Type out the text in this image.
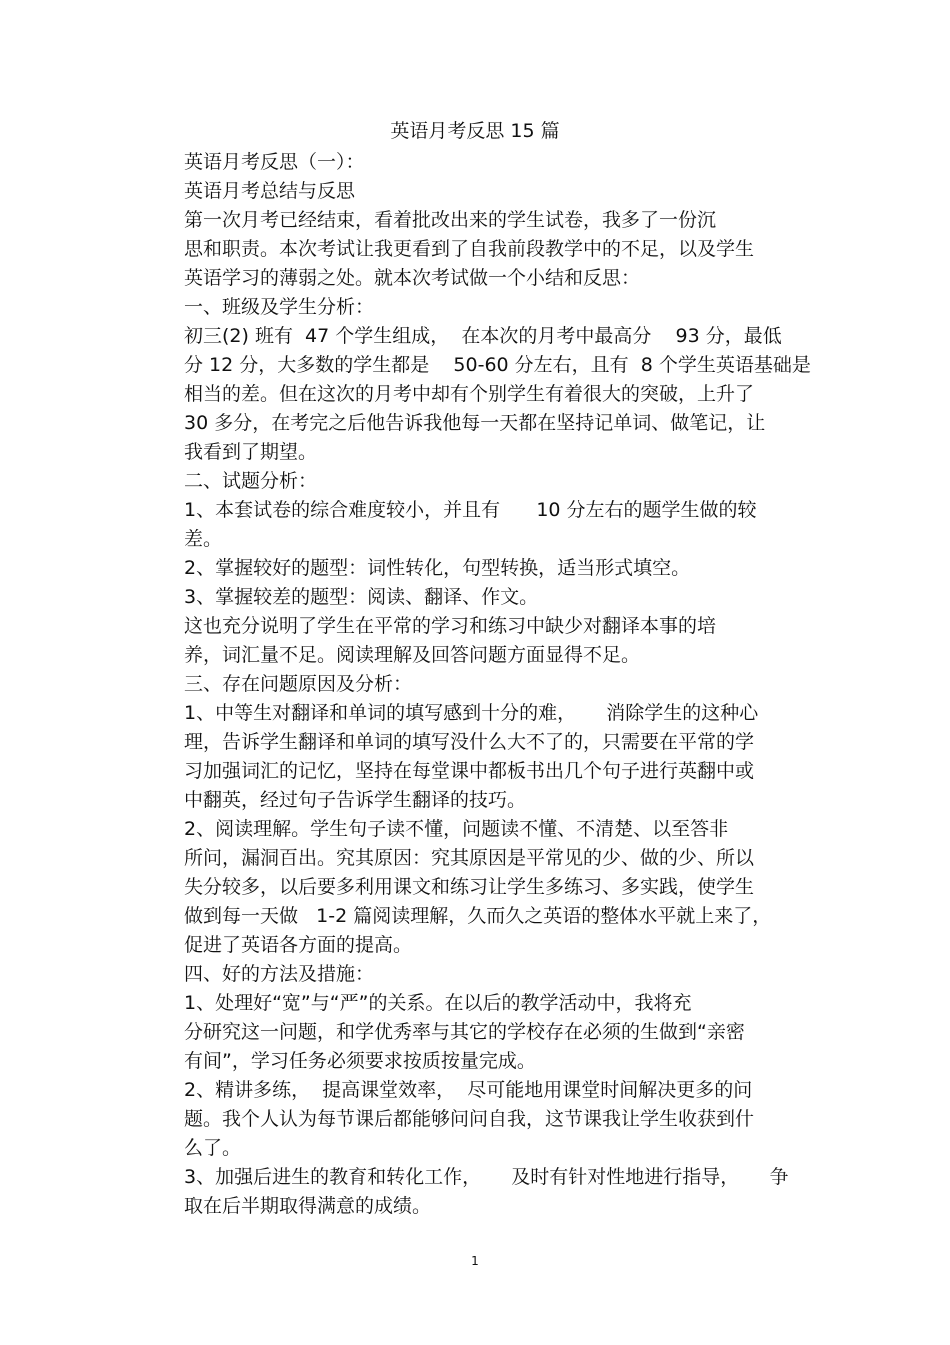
英语月考反思 15 篇
英语月考反思（一）：
英语月考总结与反思
第一次月考已经结束，看着批改出来的学生试卷，我多了一份沉
思和职责。本次考试让我更看到了自我前段教学中的不足，以及学生
英语学习的薄弱之处。就本次考试做一个小结和反思：
一、班级及学生分析：
初三(2) 班有  47 个学生组成，  在本次的月考中最高分    93 分，最低
分 12 分，大多数的学生都是    50-60 分左右，且有  8 个学生英语基础是
相当的差。但在这次的月考中却有个别学生有着很大的突破，上升了
30 多分，在考完之后他告诉我他每一天都在坚持记单词、做笔记，让
我看到了期望。
二、试题分析：
1、本套试卷的综合难度较小，并且有      10 分左右的题学生做的较
差。
2、掌握较好的题型：词性转化，句型转换，适当形式填空。
3、掌握较差的题型：阅读、翻译、作文。
这也充分说明了学生在平常的学习和练习中缺少对翻译本事的培
养，词汇量不足。阅读理解及回答问题方面显得不足。
三、存在问题原因及分析：
1、中等生对翻译和单词的填写感到十分的难，     消除学生的这种心
理，告诉学生翻译和单词的填写没什么大不了的，只需要在平常的学
习加强词汇的记忆，坚持在每堂课中都板书出几个句子进行英翻中或
中翻英，经过句子告诉学生翻译的技巧。
2、阅读理解。学生句子读不懂，问题读不懂、不清楚、以至答非
所问，漏洞百出。究其原因：究其原因是平常见的少、做的少、所以
失分较多，以后要多利用课文和练习让学生多练习、多实践，使学生
做到每一天做   1-2 篇阅读理解，久而久之英语的整体水平就上来了，
促进了英语各方面的提高。
四、好的方法及措施：
1、处理好“宽”与“严”的关系。在以后的教学活动中，我将充
分研究这一问题，和学优秀率与其它的学校存在必须的生做到“亲密
有间”，学习任务必须要求按质按量完成。
2、精讲多练，  提高课堂效率，  尽可能地用课堂时间解决更多的问
题。我个人认为每节课后都能够问问自我，这节课我让学生收获到什
么了。
3、加强后进生的教育和转化工作，     及时有针对性地进行指导，     争
取在后半期取得满意的成绩。
1
